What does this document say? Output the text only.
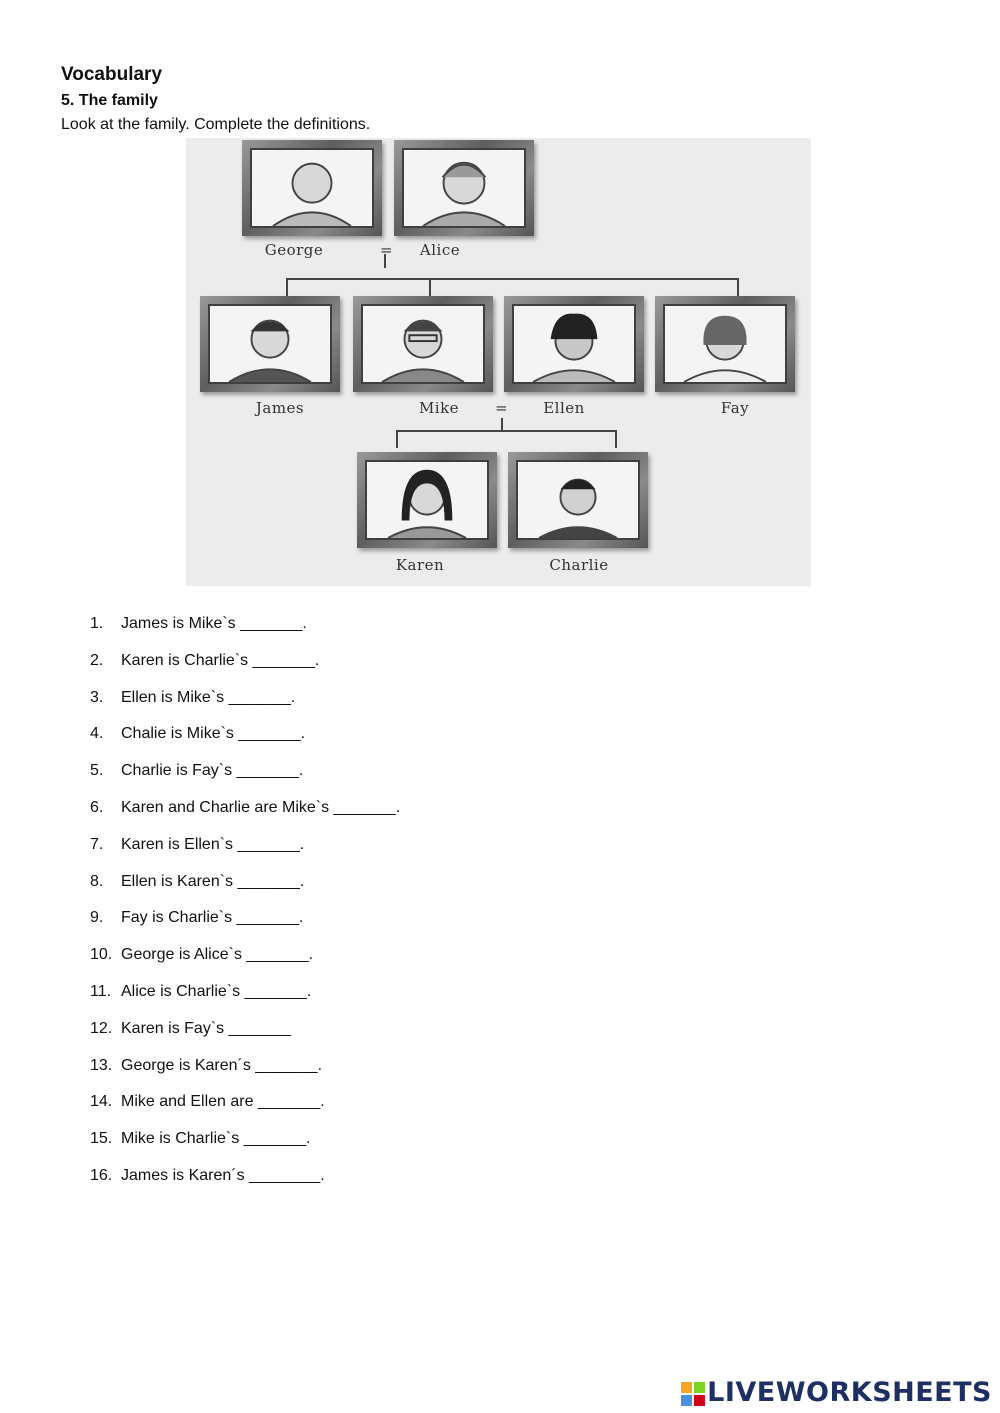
Vocabulary
5. The family
Look at the family. Complete the definitions.
George	=	Alice
James	Mike	=	Ellen	Fay
Karen	Charlie
1. James is Mike`s _______.
2. Karen is Charlie`s _______.
3. Ellen is Mike`s _______.
4. Chalie is Mike`s _______.
5. Charlie is Fay`s _______.
6. Karen and Charlie are Mike`s _______.
7. Karen is Ellen`s _______.
8. Ellen is Karen`s _______.
9. Fay is Charlie`s _______.
10. George is Alice`s _______.
11. Alice is Charlie`s _______.
12. Karen is Fay`s _______
13. George is Karen´s _______.
14. Mike and Ellen are _______.
15. Mike is Charlie`s _______.
16. James is Karen´s ________.
LIVEWORKSHEETS
